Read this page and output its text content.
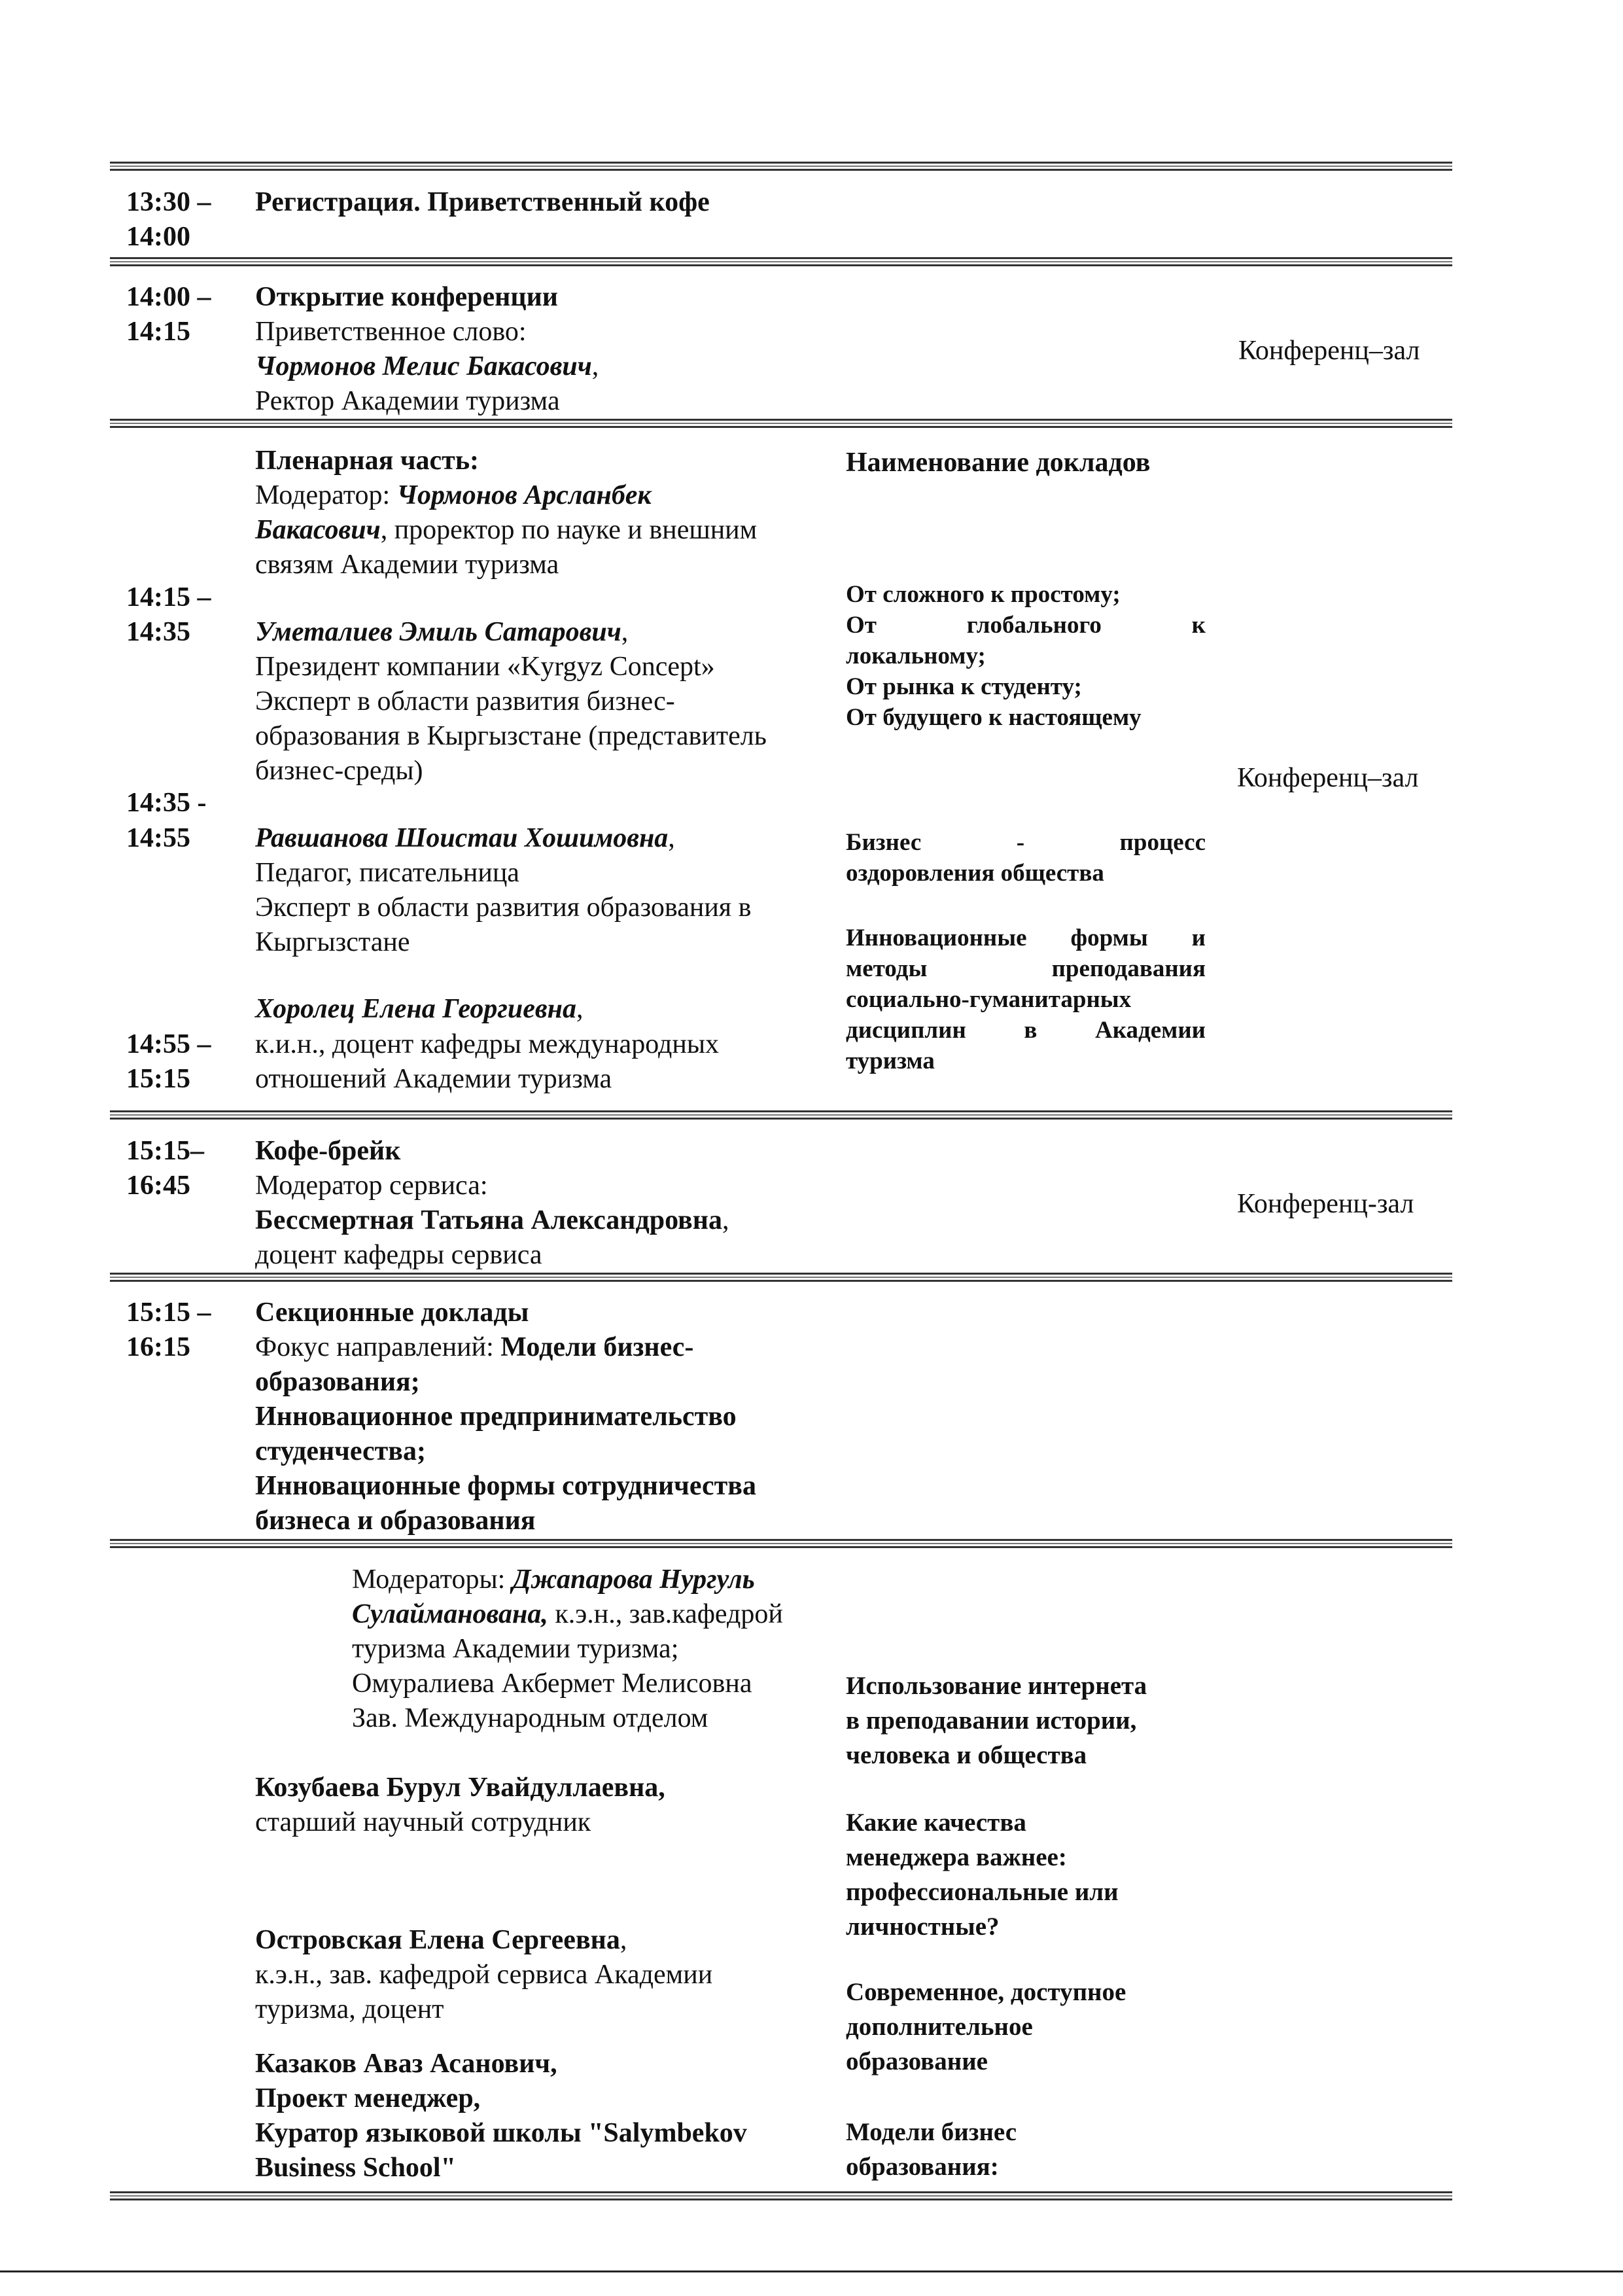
13:30 –
14:00
Регистрация. Приветственный кофе
14:00 –
14:15
Открытие конференции
Приветственное слово:
Чормонов Мелис Бакасович,
Ректор Академии туризма
Конференц–зал
Пленарная часть:
Модератор: Чормонов Арсланбек
Бакасович, проректор по науке и внешним
связям Академии туризма
Наименование докладов
Конференц–зал
14:15 –
14:35 Уметалиев Эмиль Сатарович,
Президент компании «Kyrgyz Concept»
Эксперт в области развития бизнес-
образования в Кыргызстане (представитель
бизнес-среды)
От сложного к простому;
От глобального к
локальному;
От рынка к студенту;
От будущего к настоящему
14:35 -
14:55 Равшанова Шоистаи Хошимовна,
Педагог, писательница
Эксперт в области развития образования в
Кыргызстане
Бизнес - процесс
оздоровления общества
Хоролец Елена Георгиевна,
14:55 –
15:15
к.и.н., доцент кафедры международных
отношений Академии туризма
Инновационные формы и
методы преподавания
социально-гуманитарных
дисциплин в Академии
туризма
15:15–
16:45
Кофе-брейк
Модератор сервиса:
Бессмертная Татьяна Александровна,
доцент кафедры сервиса
Конференц-зал
15:15 –
16:15
Секционные доклады
Фокус направлений: Модели бизнес-
образования;
Инновационное предпринимательство
студенчества;
Инновационные формы сотрудничества
бизнеса и образования
Модераторы: Джапарова Нургуль
Сулайманована, к.э.н., зав.кафедрой
туризма Академии туризма;
Омуралиева Акбермет Мелисовна
Зав. Международным отделом
Использование интернета
в преподавании истории,
человека и общества
Козубаева Бурул Увайдуллаевна,
старший научный сотрудник	Какие качества
менеджера важнее:
профессиональные или
личностные?
Островская Елена Сергеевна,
к.э.н., зав. кафедрой сервиса Академии
туризма, доцент
Современное, доступное
дополнительное
образование
Казаков Аваз Асанович,
Проект менеджер,
Куратор языковой школы "Salymbekov
Business School"
Модели бизнес
образования:
